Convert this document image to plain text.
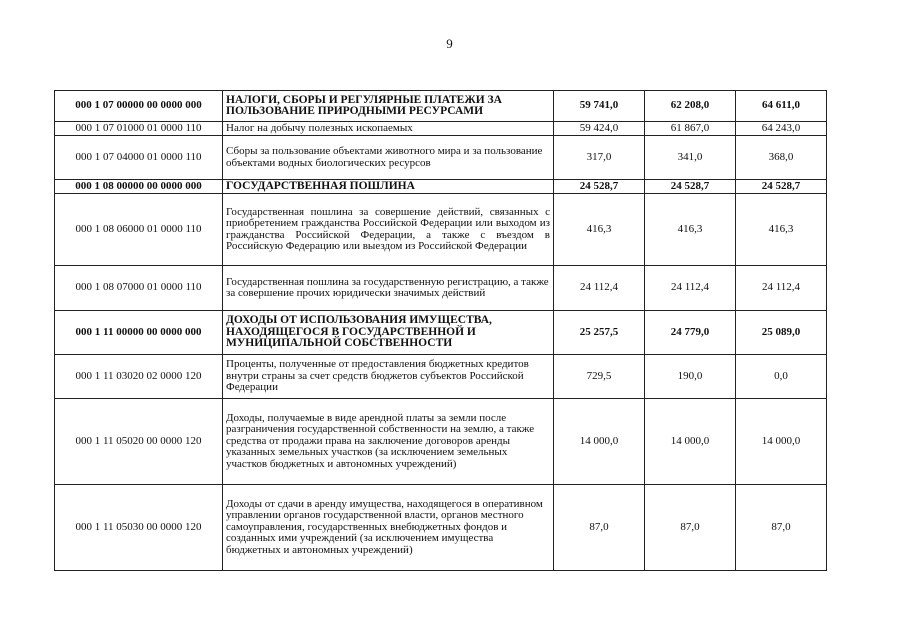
9
000 1 07 00000 00 0000 000	НАЛОГИ, СБОРЫ И РЕГУЛЯРНЫЕ ПЛАТЕЖИ ЗА ПОЛЬЗОВАНИЕ ПРИРОДНЫМИ РЕСУРСАМИ	59 741,0	62 208,0	64 611,0
000 1 07 01000 01 0000 110	Налог на добычу полезных ископаемых	59 424,0	61 867,0	64 243,0
000 1 07 04000 01 0000 110	Сборы за пользование объектами животного мира и за пользование объектами водных биологических ресурсов	317,0	341,0	368,0
000 1 08 00000 00 0000 000	ГОСУДАРСТВЕННАЯ ПОШЛИНА	24 528,7	24 528,7	24 528,7
000 1 08 06000 01 0000 110	Государственная пошлина за совершение действий, связанных с приобретением гражданства Российской Федерации или выходом из гражданства Российской Федерации, а также с въездом в Российскую Федерацию или выездом из Российской Федерации	416,3	416,3	416,3
000 1 08 07000 01 0000 110	Государственная пошлина за государственную регистрацию, а также за совершение прочих юридически значимых действий	24 112,4	24 112,4	24 112,4
000 1 11 00000 00 0000 000	ДОХОДЫ ОТ ИСПОЛЬЗОВАНИЯ ИМУЩЕСТВА, НАХОДЯЩЕГОСЯ В ГОСУДАРСТВЕННОЙ И МУНИЦИПАЛЬНОЙ СОБСТВЕННОСТИ	25 257,5	24 779,0	25 089,0
000 1 11 03020 02 0000 120	Проценты, полученные от предоставления бюджетных кредитов внутри страны за счет средств бюджетов субъектов Российской Федерации	729,5	190,0	0,0
000 1 11 05020 00 0000 120	Доходы, получаемые в виде арендной платы за земли после разграничения государственной собственности на землю, а также средства от продажи права на заключение договоров аренды указанных земельных участков (за исключением земельных участков бюджетных и автономных учреждений)	14 000,0	14 000,0	14 000,0
000 1 11 05030 00 0000 120	Доходы от сдачи в аренду имущества, находящегося в оперативном управлении органов государственной власти, органов местного самоуправления, государственных внебюджетных фондов и созданных ими учреждений (за исключением имущества бюджетных и автономных учреждений)	87,0	87,0	87,0
